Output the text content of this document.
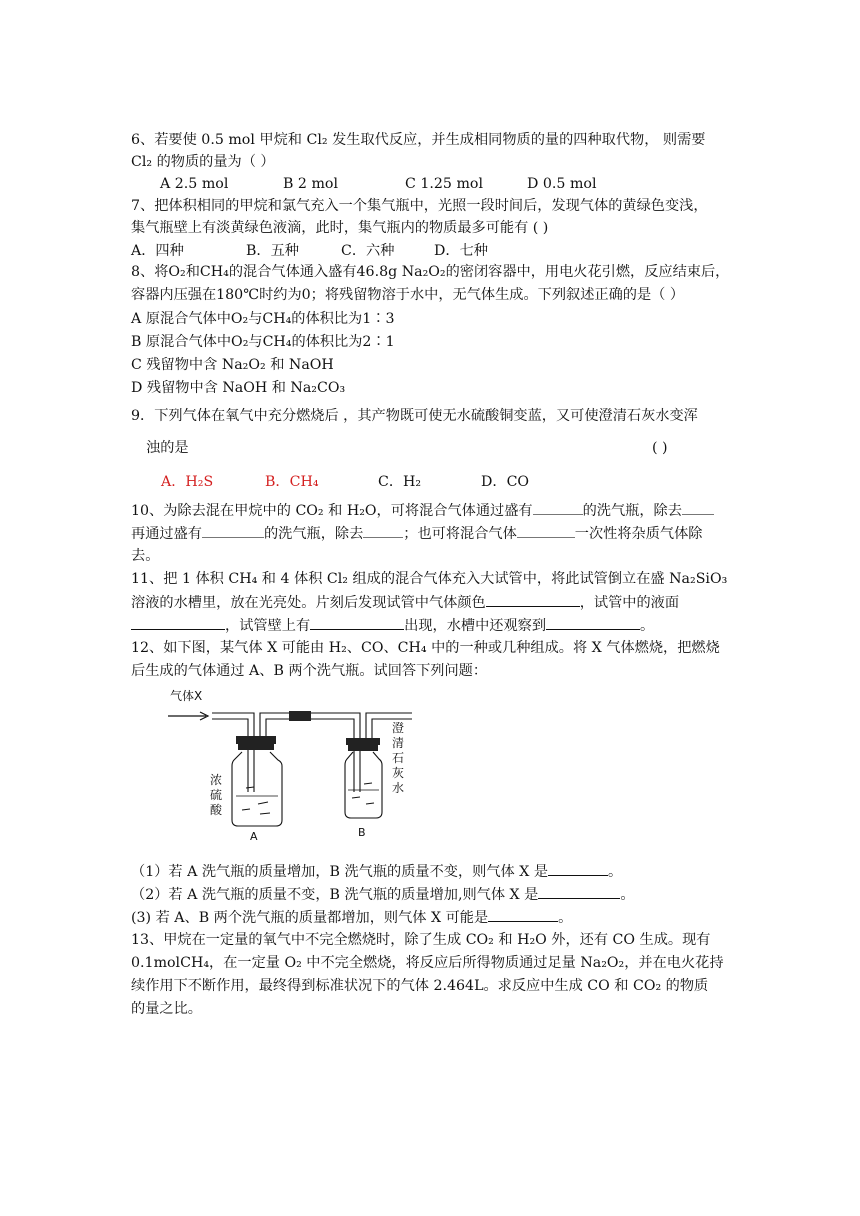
6、若要使 0.5 mol 甲烷和 Cl₂ 发生取代反应，并生成相同物质的量的四种取代物， 则需要
Cl₂ 的物质的量为（ ）
A 2.5 mol	B 2 mol	C 1.25 mol	D 0.5 mol
7、把体积相同的甲烷和氯气充入一个集气瓶中，光照一段时间后，发现气体的黄绿色变浅，
集气瓶壁上有淡黄绿色液滴，此时，集气瓶内的物质最多可能有 ( )
A．四种	B．五种	C．六种	D．七种
8、将O₂和CH₄的混合气体通入盛有46.8g Na₂O₂的密闭容器中，用电火花引燃，反应结束后，
容器内压强在180℃时约为0；将残留物溶于水中，无气体生成。下列叙述正确的是（ ）
A 原混合气体中O₂与CH₄的体积比为1∶3
B 原混合气体中O₂与CH₄的体积比为2∶1
C 残留物中含 Na₂O₂ 和 NaOH
D 残留物中含 NaOH 和 Na₂CO₃
9．下列气体在氧气中充分燃烧后 ，其产物既可使无水硫酸铜变蓝，又可使澄清石灰水变浑
浊的是	( )
A．H₂S	B．CH₄	C．H₂	D．CO
10、为除去混在甲烷中的 CO₂ 和 H₂O，可将混合气体通过盛有	的洗气瓶，除去
再通过盛有	的洗气瓶，除去	；也可将混合气体	一次性将杂质气体除
去。
11、把 1 体积 CH₄ 和 4 体积 Cl₂ 组成的混合气体充入大试管中，将此试管倒立在盛 Na₂SiO₃
溶液的水槽里，放在光亮处。片刻后发现试管中气体颜色	，试管中的液面
，试管壁上有	出现，水槽中还观察到	。
12、如下图，某气体 X 可能由 H₂、CO、CH₄ 中的一种或几种组成。将 X 气体燃烧，把燃烧
后生成的气体通过 A、B 两个洗气瓶。试回答下列问题：
气体X
浓硫酸
A
澄清石灰水
B
（1）若 A 洗气瓶的质量增加，B 洗气瓶的质量不变，则气体 X 是	。
（2）若 A 洗气瓶的质量不变，B 洗气瓶的质量增加,则气体 X 是	。
(3) 若 A、B 两个洗气瓶的质量都增加，则气体 X 可能是	。
13、甲烷在一定量的氧气中不完全燃烧时，除了生成 CO₂ 和 H₂O 外，还有 CO 生成。现有
0.1molCH₄，在一定量 O₂ 中不完全燃烧，将反应后所得物质通过足量 Na₂O₂，并在电火花持
续作用下不断作用，最终得到标准状况下的气体 2.464L。求反应中生成 CO 和 CO₂ 的物质
的量之比。
